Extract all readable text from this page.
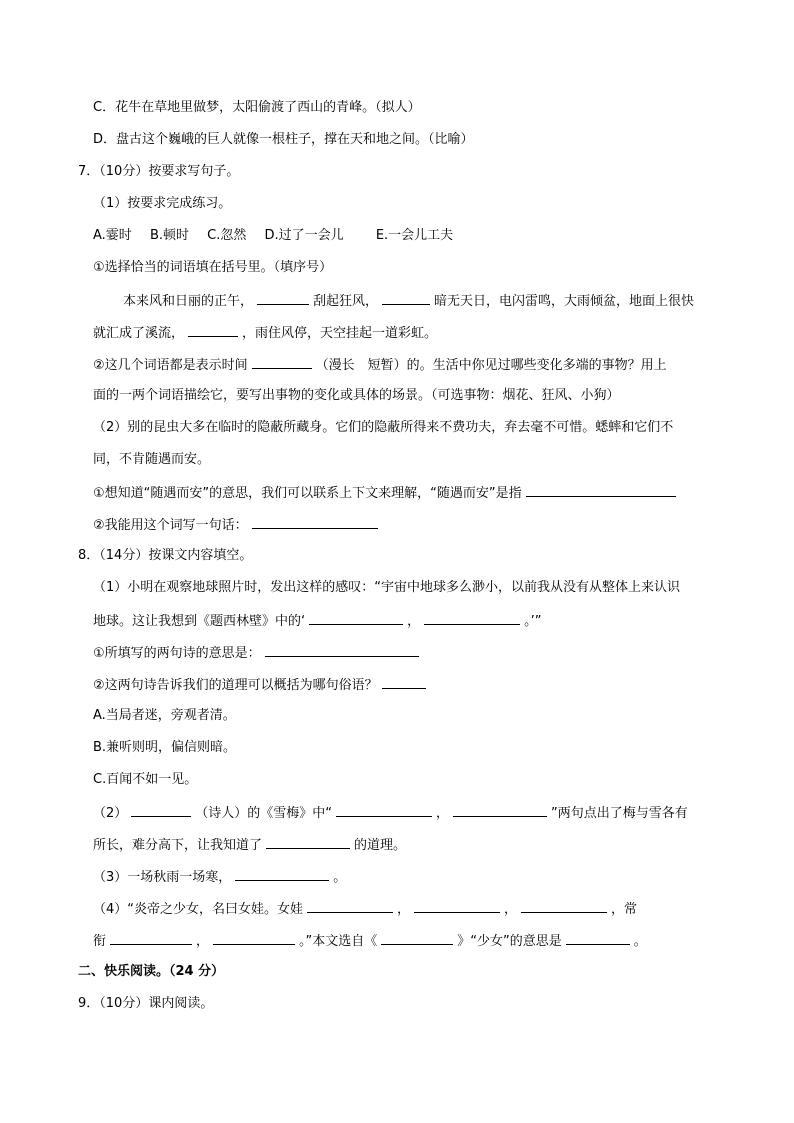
C．花牛在草地里做梦，太阳偷渡了西山的青峰。（拟人）
D．盘古这个巍峨的巨人就像一根柱子，撑在天和地之间。（比喻）
7．（10分）按要求写句子。
（1）按要求完成练习。
A.霎时 B.顿时 C.忽然 D.过了一会儿 E.一会儿工夫
①选择恰当的词语填在括号里。（填序号）
本来风和日丽的正午，	刮起狂风，	暗无天日，电闪雷鸣，大雨倾盆，地面上很快
就汇成了溪流，	，雨住风停，天空挂起一道彩虹。
②这几个词语都是表示时间	（漫长　短暂）的。生活中你见过哪些变化多端的事物？用上
面的一两个词语描绘它，要写出事物的变化或具体的场景。（可选事物：烟花、狂风、小狗）
（2）别的昆虫大多在临时的隐蔽所藏身。它们的隐蔽所得来不费功夫，弃去毫不可惜。蟋蟀和它们不
同，不肯随遇而安。
①想知道“随遇而安”的意思，我们可以联系上下文来理解，“随遇而安”是指
②我能用这个词写一句话：
8．（14分）按课文内容填空。
（1）小明在观察地球照片时，发出这样的感叹：“宇宙中地球多么渺小，以前我从没有从整体上来认识
地球。这让我想到《题西林壁》中的‘	，	。’”
①所填写的两句诗的意思是：
②这两句诗告诉我们的道理可以概括为哪句俗语？
A.当局者迷，旁观者清。
B.兼听则明，偏信则暗。
C.百闻不如一见。
（2）	（诗人）的《雪梅》中“	，	”两句点出了梅与雪各有
所长，难分高下，让我知道了	的道理。
（3）一场秋雨一场寒，	。
（4）“炎帝之少女，名曰女娃。女娃	，	，	，常
衔	，	。”本文选自《	》“少女”的意思是	。
二、快乐阅读。（24 分）
9．（10分）课内阅读。
